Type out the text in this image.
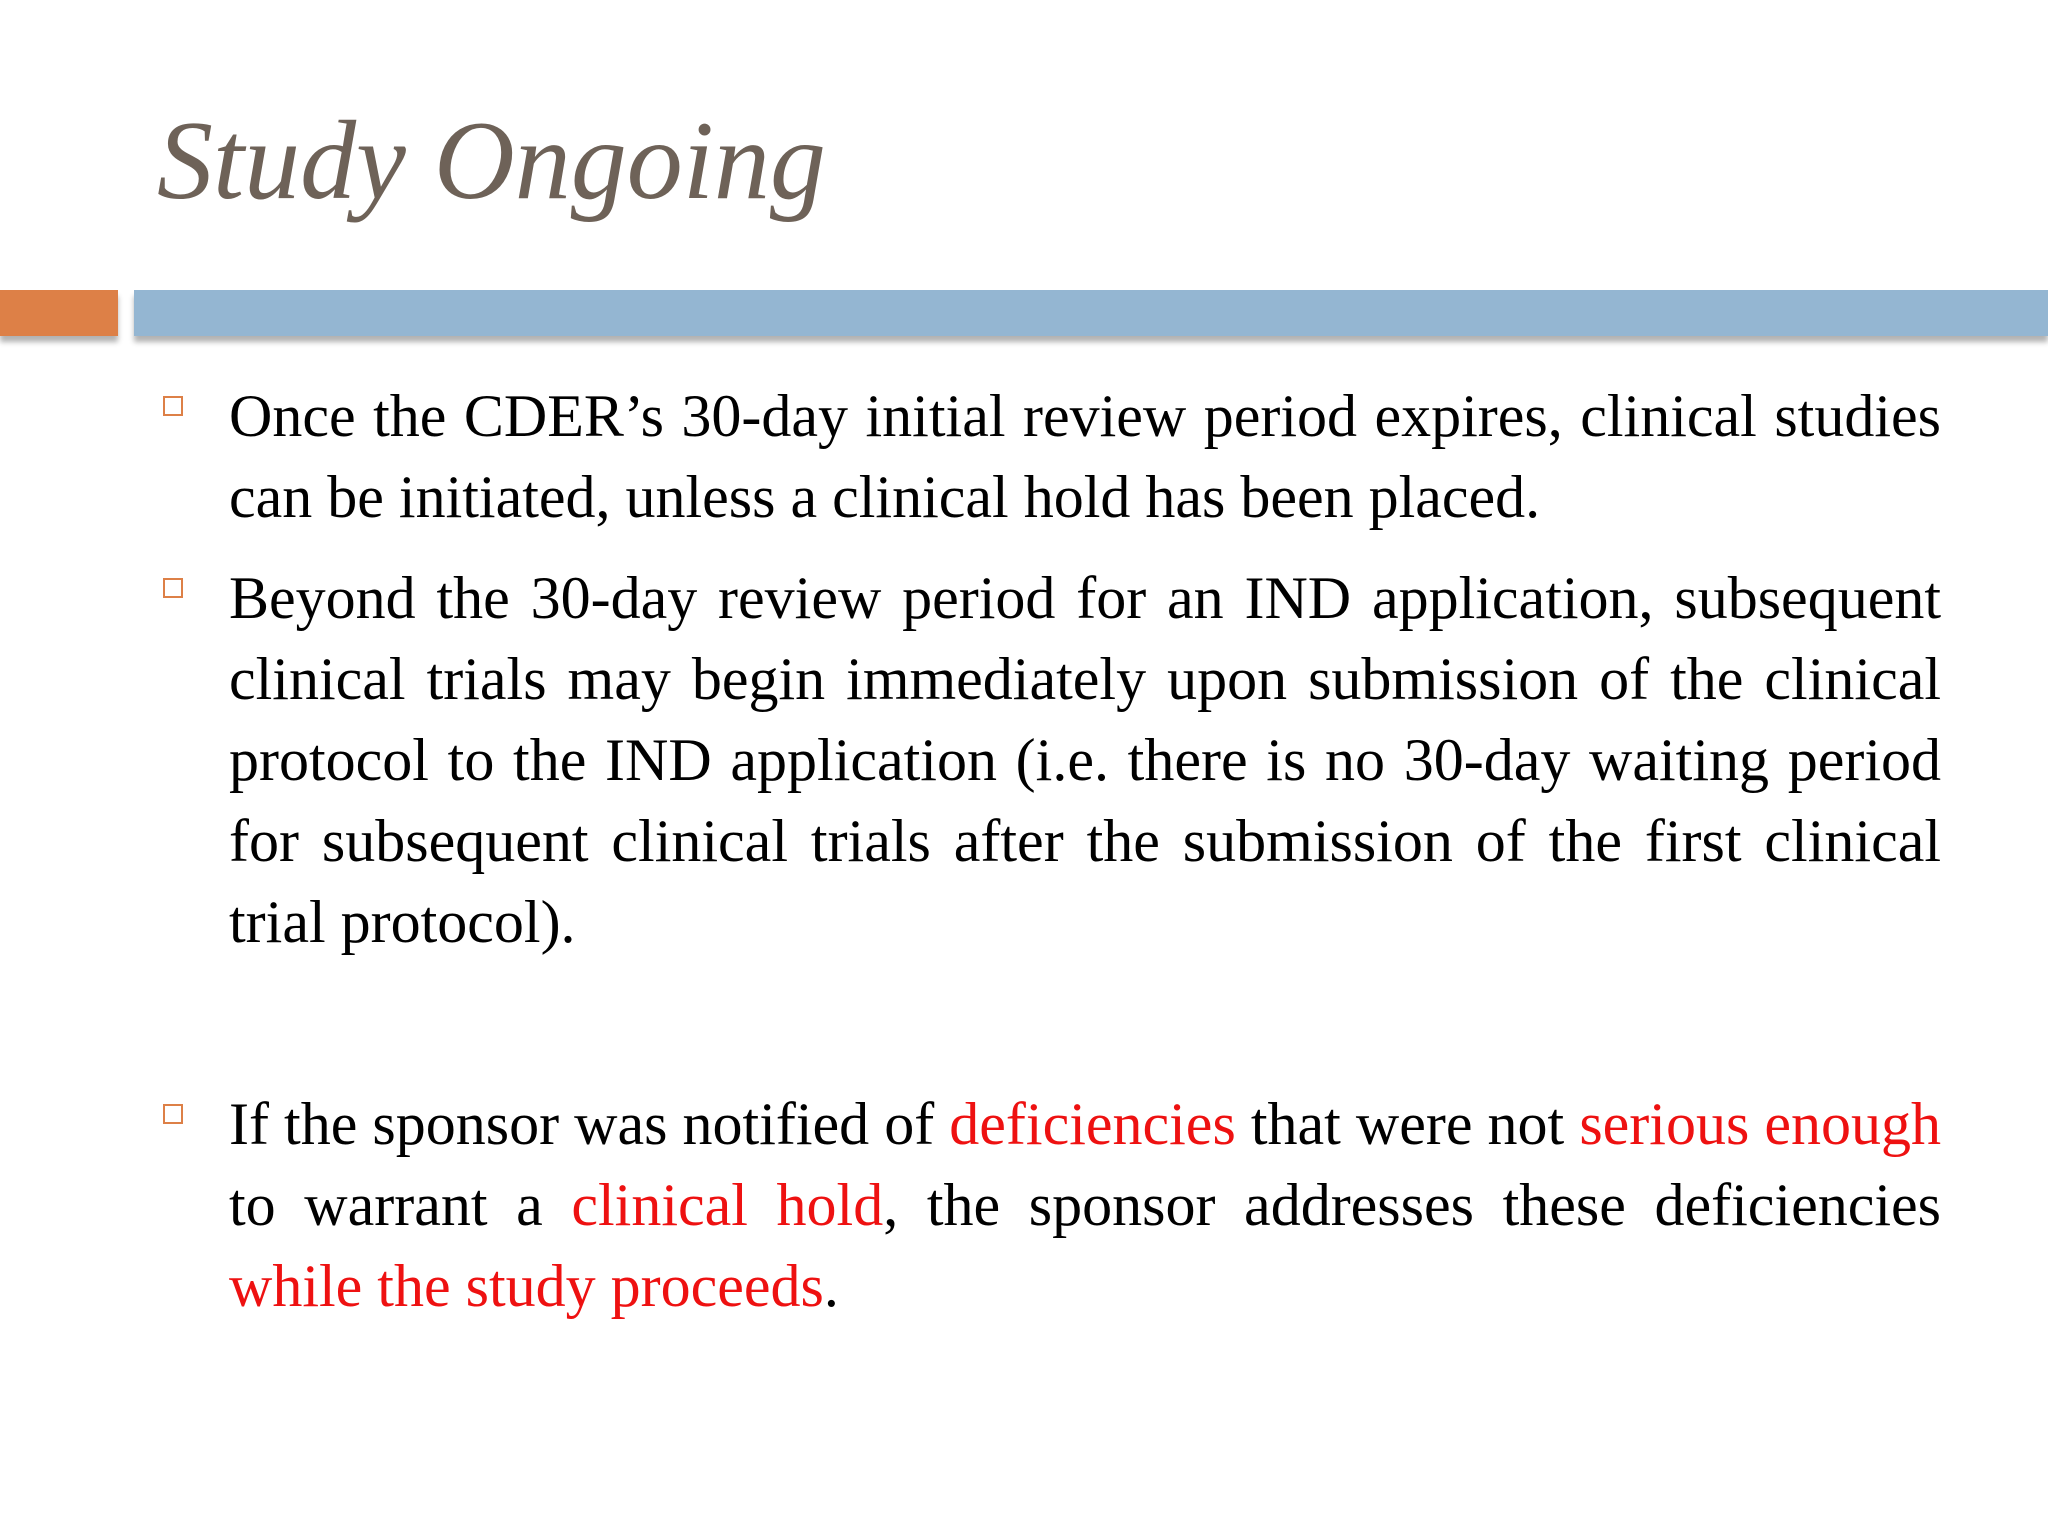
Study Ongoing

Once the CDER’s 30-day initial review period expires, clinical studies can be initiated, unless a clinical hold has been placed.

Beyond the 30-day review period for an IND application, subsequent clinical trials may begin immediately upon submission of the clinical protocol to the IND application (i.e. there is no 30-day waiting period for subsequent clinical trials after the submission of the first clinical trial protocol).

If the sponsor was notified of deficiencies that were not serious enough to warrant a clinical hold, the sponsor addresses these deficiencies while the study proceeds.
